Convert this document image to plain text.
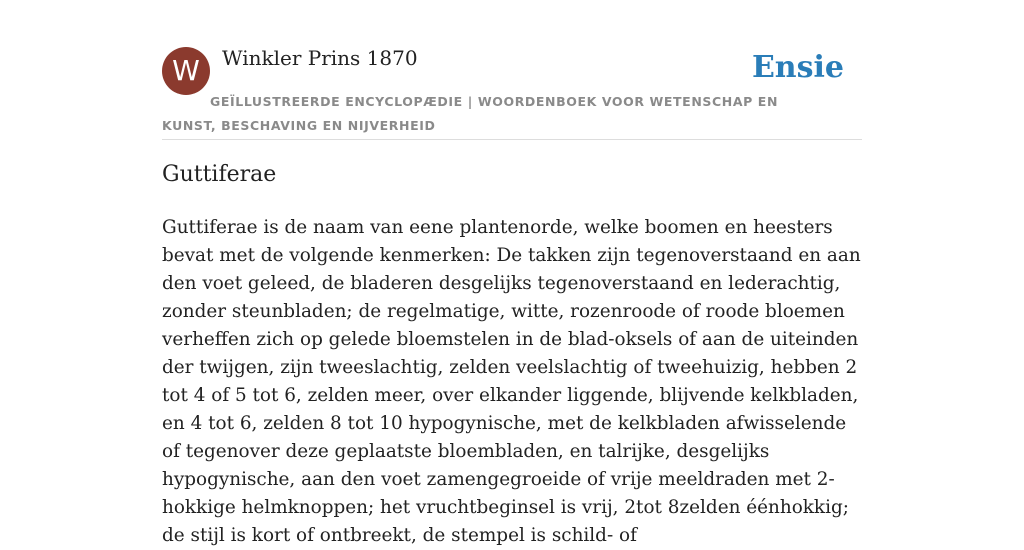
W	Winkler Prins 1870
GEÏLLUSTREERDE ENCYCLOPÆDIE | WOORDENBOEK VOOR WETENSCHAP EN KUNST, BESCHAVING EN NIJVERHEID
Ensie
Guttiferae

Guttiferae is de naam van eene plantenorde, welke boomen en heesters bevat met de volgende kenmerken: De takken zijn tegenoverstaand en aan den voet geleed, de bladeren desgelijks tegenoverstaand en lederachtig, zonder steunbladen; de regelmatige, witte, rozenroode of roode bloemen verheffen zich op gelede bloemstelen in de blad-oksels of aan de uiteinden der twijgen, zijn tweeslachtig, zelden veelslachtig of tweehuizig, hebben 2 tot 4 of 5 tot 6, zelden meer, over elkander liggende, blijvende kelkbladen, en 4 tot 6, zelden 8 tot 10 hypogynische, met de kelkbladen afwisselende of tegenover deze geplaatste bloembladen, en talrijke, desgelijks hypogynische, aan den voet zamengegroeide of vrije meeldraden met 2-hokkige helmknoppen; het vruchtbeginsel is vrij, 2tot 8zelden éénhokkig; de stijl is kort of ontbreekt, de stempel is schild- of
